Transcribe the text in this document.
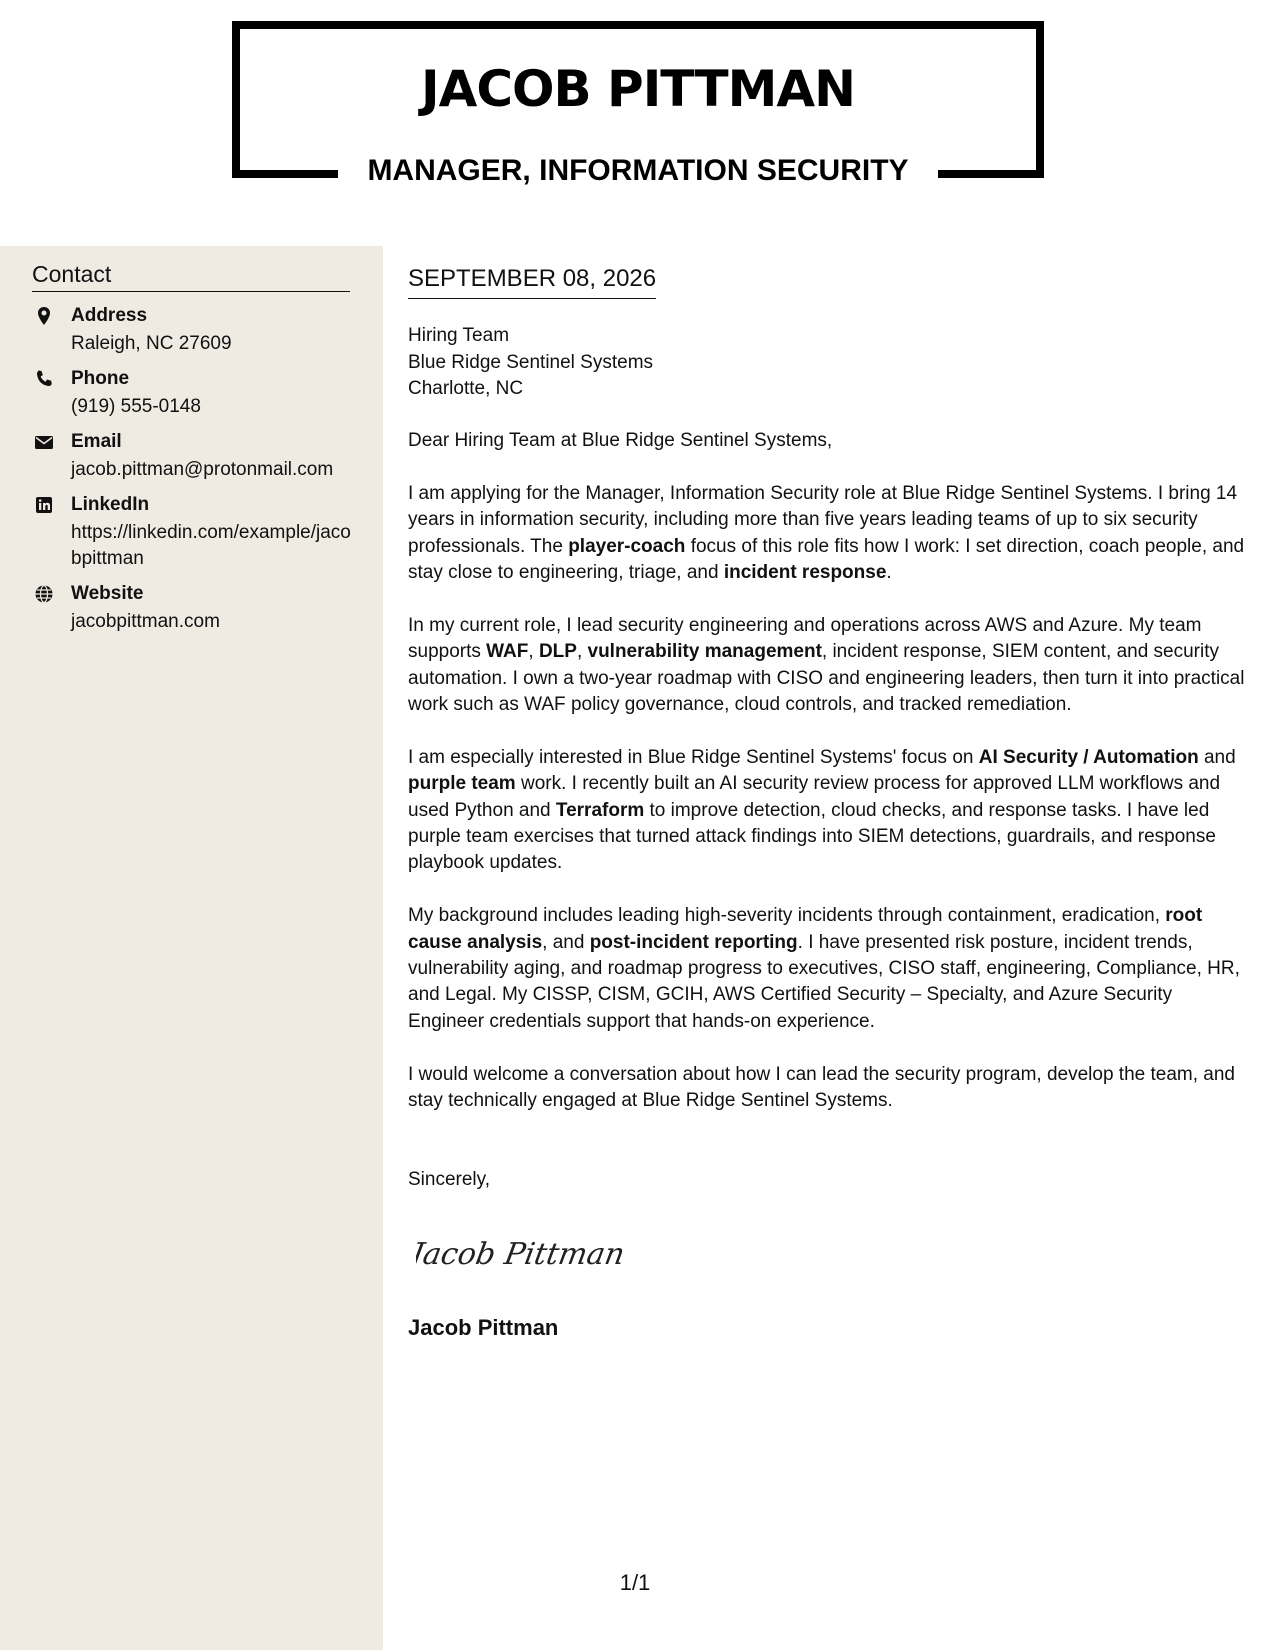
JACOB PITTMAN
MANAGER, INFORMATION SECURITY
Contact
Address
Raleigh, NC 27609
Phone
(919) 555-0148
Email
jacob.pittman@protonmail.com
LinkedIn
https://linkedin.com/example/jacobpittman
Website
jacobpittman.com
SEPTEMBER 08, 2026
Hiring Team
Blue Ridge Sentinel Systems
Charlotte, NC

Dear Hiring Team at Blue Ridge Sentinel Systems,

I am applying for the Manager, Information Security role at Blue Ridge Sentinel Systems. I bring 14 years in information security, including more than five years leading teams of up to six security professionals. The player-coach focus of this role fits how I work: I set direction, coach people, and stay close to engineering, triage, and incident response.

In my current role, I lead security engineering and operations across AWS and Azure. My team supports WAF, DLP, vulnerability management, incident response, SIEM content, and security automation. I own a two-year roadmap with CISO and engineering leaders, then turn it into practical work such as WAF policy governance, cloud controls, and tracked remediation.

I am especially interested in Blue Ridge Sentinel Systems' focus on AI Security / Automation and purple team work. I recently built an AI security review process for approved LLM workflows and used Python and Terraform to improve detection, cloud checks, and response tasks. I have led purple team exercises that turned attack findings into SIEM detections, guardrails, and response playbook updates.

My background includes leading high-severity incidents through containment, eradication, root cause analysis, and post-incident reporting. I have presented risk posture, incident trends, vulnerability aging, and roadmap progress to executives, CISO staff, engineering, Compliance, HR, and Legal. My CISSP, CISM, GCIH, AWS Certified Security – Specialty, and Azure Security Engineer credentials support that hands-on experience.

I would welcome a conversation about how I can lead the security program, develop the team, and stay technically engaged at Blue Ridge Sentinel Systems.

Sincerely,
Jacob Pittman
Jacob Pittman
1/1
